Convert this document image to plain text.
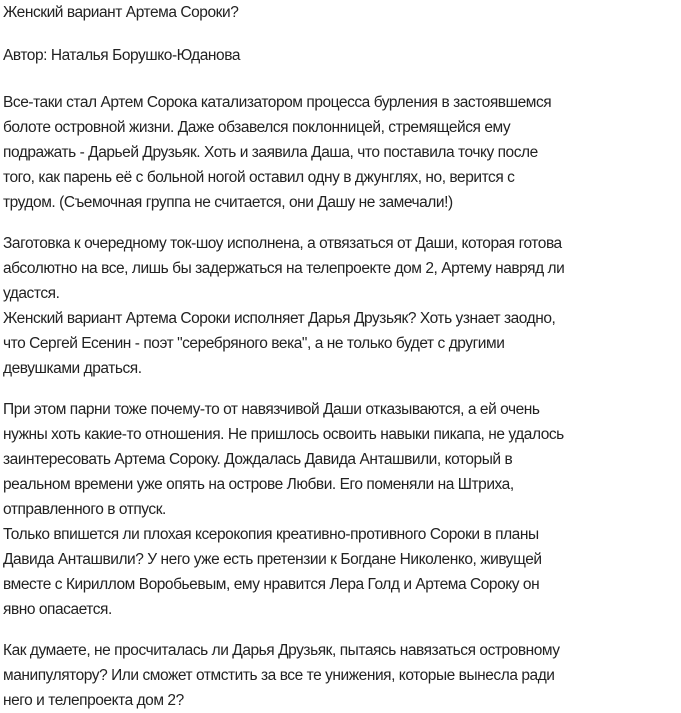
Женский вариант Артема Сороки?
Автор: Наталья Борушко-Юданова
Все-таки стал Артем Сорока катализатором процесса бурления в застоявшемся
болоте островной жизни. Даже обзавелся поклонницей, стремящейся ему
подражать - Дарьей Друзьяк. Хоть и заявила Даша, что поставила точку после
того, как парень её с больной ногой оставил одну в джунглях, но, верится с
трудом. (Съемочная группа не считается, они Дашу не замечали!)
Заготовка к очередному ток-шоу исполнена, а отвязаться от Даши, которая готова
абсолютно на все, лишь бы задержаться на телепроекте дом 2, Артему навряд ли
удастся.
Женский вариант Артема Сороки исполняет Дарья Друзьяк? Хоть узнает заодно,
что Сергей Есенин - поэт "серебряного века", а не только будет с другими
девушками драться.
При этом парни тоже почему-то от навязчивой Даши отказываются, а ей очень
нужны хоть какие-то отношения. Не пришлось освоить навыки пикапа, не удалось
заинтересовать Артема Сороку. Дождалась Давида Анташвили, который в
реальном времени уже опять на острове Любви. Его поменяли на Штриха,
отправленного в отпуск.
Только впишется ли плохая ксерокопия креативно-противного Сороки в планы
Давида Анташвили? У него уже есть претензии к Богдане Николенко, живущей
вместе с Кириллом Воробьевым, ему нравится Лера Голд и Артема Сороку он
явно опасается.
Как думаете, не просчиталась ли Дарья Друзьяк, пытаясь навязаться островному
манипулятору? Или сможет отмстить за все те унижения, которые вынесла ради
него и телепроекта дом 2?
